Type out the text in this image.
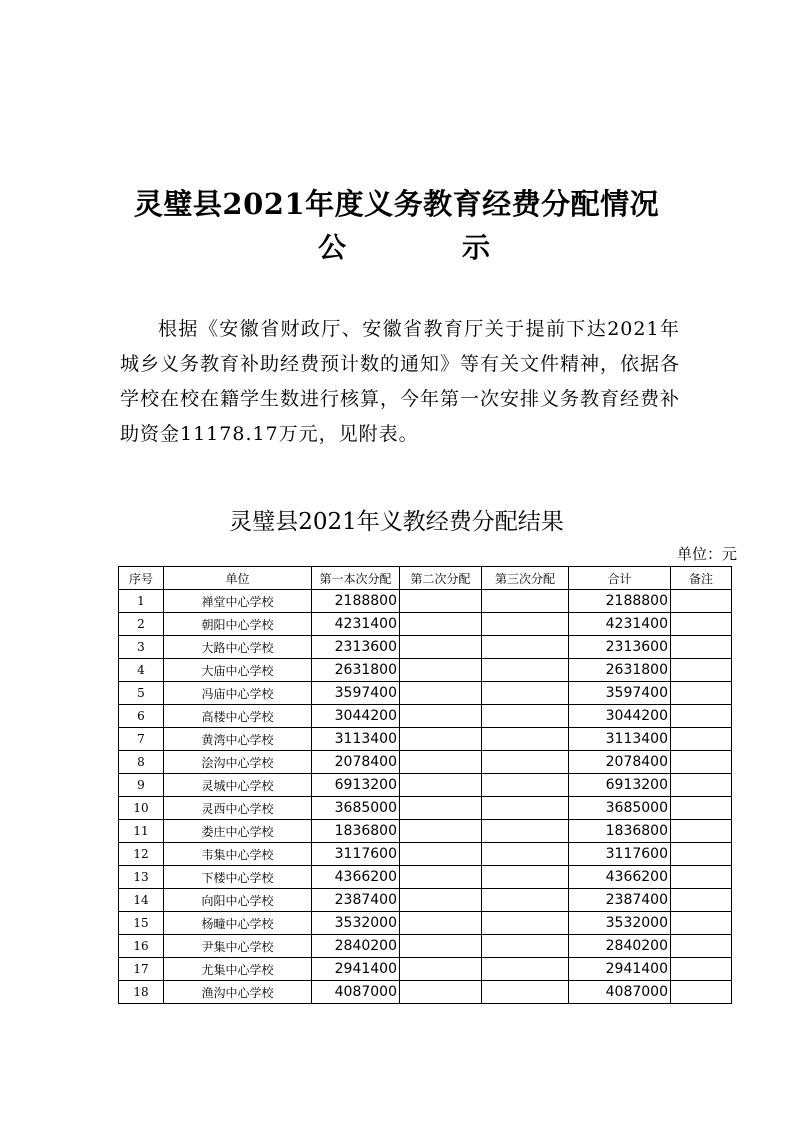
灵璧县2021年度义务教育经费分配情况
公	示

根据《安徽省财政厅、安徽省教育厅关于提前下达2021年城乡义务教育补助经费预计数的通知》等有关文件精神，依据各学校在校在籍学生数进行核算，今年第一次安排义务教育经费补助资金11178.17万元，见附表。

灵璧县2021年义教经费分配结果
单位：元
序号	单位	第一本次分配	第二次分配	第三次分配	合计	备注
1	禅堂中心学校	2188800			2188800	
2	朝阳中心学校	4231400			4231400	
3	大路中心学校	2313600			2313600	
4	大庙中心学校	2631800			2631800	
5	冯庙中心学校	3597400			3597400	
6	高楼中心学校	3044200			3044200	
7	黄湾中心学校	3113400			3113400	
8	浍沟中心学校	2078400			2078400	
9	灵城中心学校	6913200			6913200	
10	灵西中心学校	3685000			3685000	
11	娄庄中心学校	1836800			1836800	
12	韦集中心学校	3117600			3117600	
13	下楼中心学校	4366200			4366200	
14	向阳中心学校	2387400			2387400	
15	杨疃中心学校	3532000			3532000	
16	尹集中心学校	2840200			2840200	
17	尤集中心学校	2941400			2941400	
18	渔沟中心学校	4087000			4087000	
